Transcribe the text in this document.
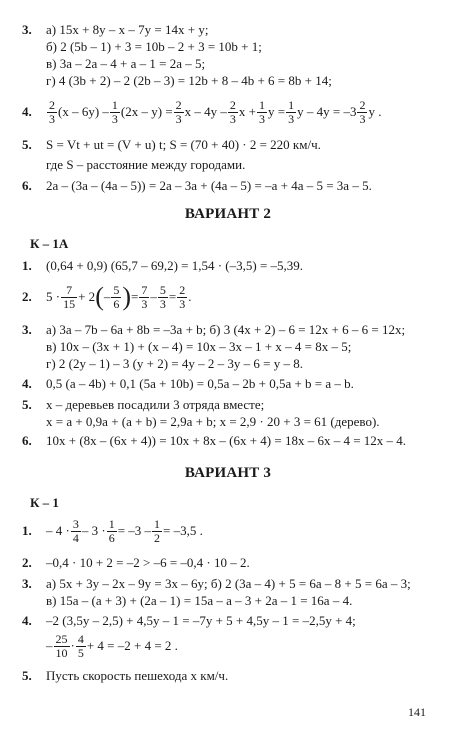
3. а) 15x + 8y – x – 7y = 14x + y;
б) 2 (5b – 1) + 3 = 10b – 2 + 3 = 10b + 1;
в) 3a – 2a – 4 + a – 1 = 2a – 5;
г) 4 (3b + 2) – 2 (2b – 3) = 12b + 8 – 4b + 6 = 8b + 14;
4. $\frac{2}{3} (x - 6y) - \frac{1}{3} (2x - y) = \frac{2}{3}$ x – $4y - \frac{2}{3}$ $x + \frac{1}{3}$ $y = \frac{1}{3}$ $y - 4y = -3 \frac{2}{3}$ y .
5. S = Vt + ut = (V + u) t; S = (70 + 40) · 2 = 220 км/ч.
где S – расстояние между городами.
6. 2a – (3a – (4a – 5)) = 2a – 3a + (4a – 5) = –a + 4a – 5 = 3a – 5.
ВАРИАНТ 2
К – 1А
1. (0,64 + 0,9) (65,7 – 69,2) = 1,54 · (–3,5) = –5,39.
2. $5 \cdot \frac{7}{15} + 2$ ( – $\frac{5}{6}$ ) = $\frac{7}{3} - \frac{5}{3} = \frac{2}{3}$ .
3. а) 3a – 7b – 6a + 8b = –3a + b; б) 3 (4x + 2) – 6 = 12x + 6 – 6 = 12x;
в) 10x – (3x + 1) + (x – 4) = 10x – 3x – 1 + x – 4 = 8x – 5;
г) 2 (2y – 1) – 3 (y + 2) = 4y – 2 – 3y – 6 = y – 8.
4. 0,5 (a – 4b) + 0,1 (5a + 10b) = 0,5a – 2b + 0,5a + b = a – b.
5. x – деревьев посадили 3 отряда вместе;
x = a + 0,9a + (a + b) = 2,9a + b; x = 2,9 · 20 + 3 = 61 (дерево).
6. 10x + (8x – (6x + 4)) = 10x + 8x – (6x + 4) = 18x – 6x – 4 = 12x – 4.
ВАРИАНТ 3
К – 1
1. – $4 \cdot \frac{3}{4} - 3 \cdot \frac{1}{6} = -3 - \frac{1}{2} = -3,5$ .
2. –0,4 · 10 + 2 = –2 > –6 = –0,4 · 10 – 2.
3. а) 5x + 3y – 2x – 9y = 3x – 6y; б) 2 (3a – 4) + 5 = 6a – 8 + 5 = 6a – 3;
в) 15a – (a + 3) + (2a – 1) = 15a – a – 3 + 2a – 1 = 16a – 4.
4. –2 (3,5y – 2,5) + 4,5y – 1 = –7y + 5 + 4,5y – 1 = –2,5y + 4;
– $\frac{25}{10} \cdot \frac{4}{5} + 4 = -2 + 4 = 2$ .
5. Пусть скорость пешехода x км/ч.
141
